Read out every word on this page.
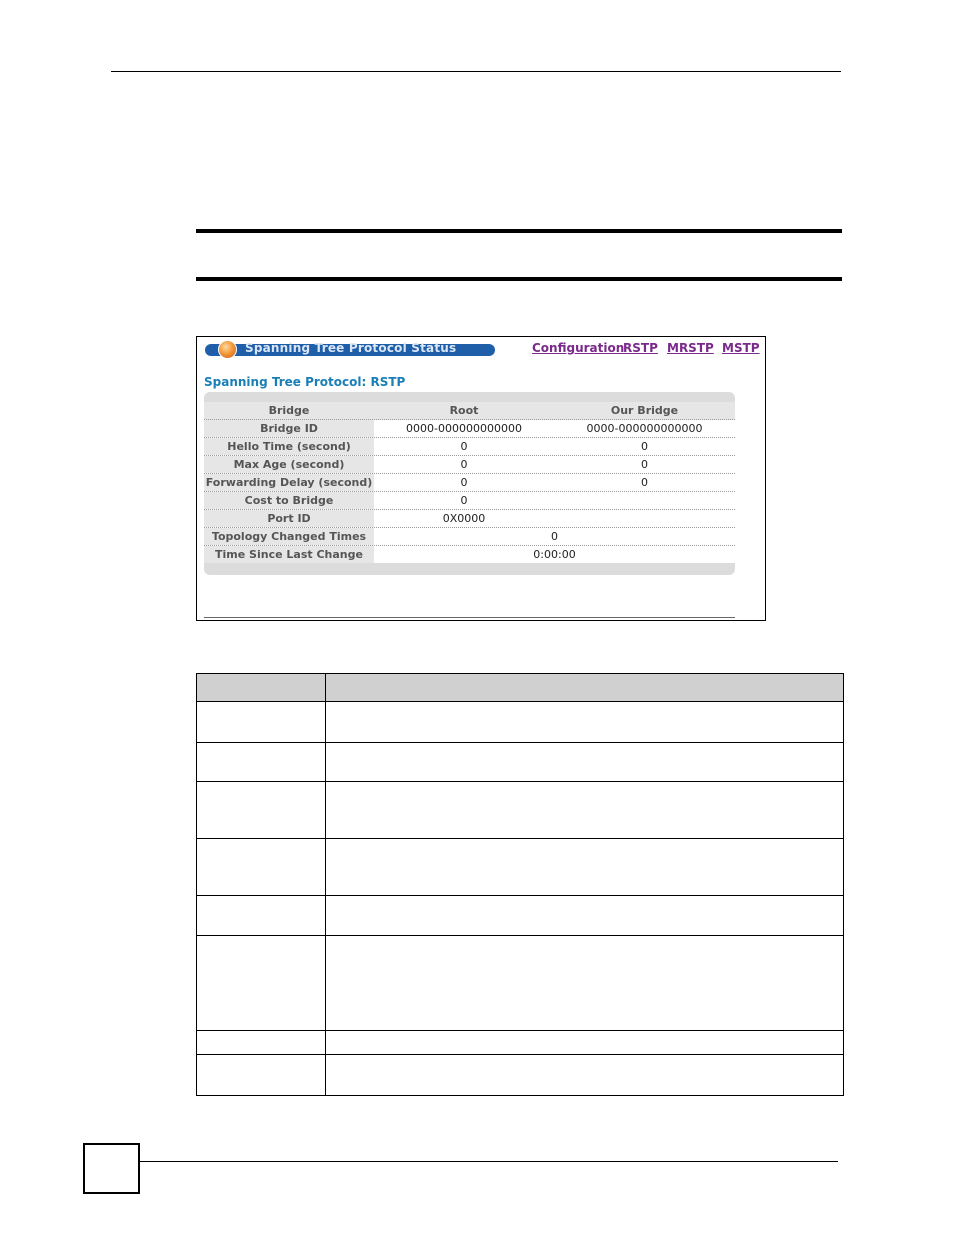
Spanning Tree Protocol Status	Configuration
RSTP MRSTP MSTP
Spanning Tree Protocol: RSTP
Bridge	Root	Our Bridge
Bridge ID	0000-000000000000	0000-000000000000
Hello Time (second)	0	0
Max Age (second)	0	0
Forwarding Delay (second)	0	0
Cost to Bridge	0
Port ID	0X0000
Topology Changed Times	0
Time Since Last Change	0:00:00
